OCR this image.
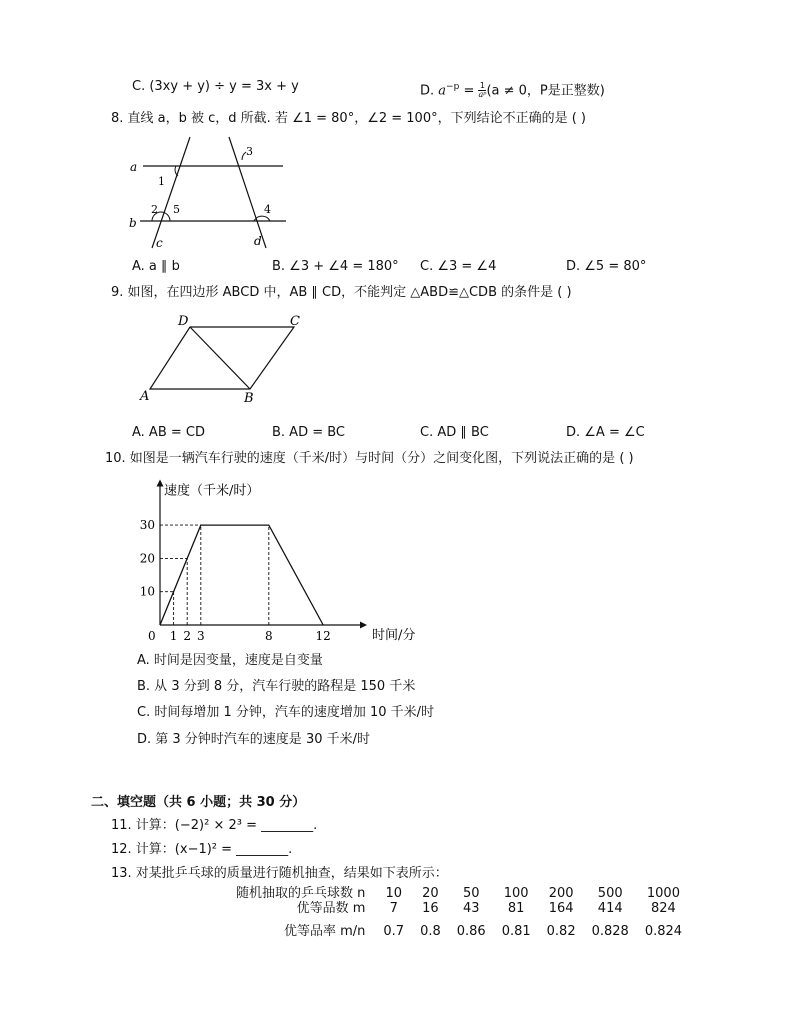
C. (3xy + y) ÷ y = 3x + y	D. $a^{-p} = \frac{1}{\text{aᵖ}} (a \ne 0$，P是正整数)
8. 直线 a，b 被 c，d 所截. 若 ∠1 = 80°，∠2 = 100°，下列结论不正确的是 ( )
a
b
c	d
1
2
3
4
5
A. a ∥ b	B. ∠3 + ∠4 = 180° C. ∠3 = ∠4	D. ∠5 = 80°
9. 如图，在四边形 ABCD 中，AB ∥ CD，不能判定 △ABD≌△CDB 的条件是 ( )
A	B
C
D
A. AB = CD	B. AD = BC	C. AD ∥ BC	D. ∠A = ∠C
10. 如图是一辆汽车行驶的速度（千米/时）与时间（分）之间变化图，下列说法正确的是 ( )
1 2 3	8	12
10
20
30
速度（千米/时）
时间/分
0
A. 时间是因变量，速度是自变量
B. 从 3 分到 8 分，汽车行驶的路程是 150 千米
C. 时间每增加 1 分钟，汽车的速度增加 10 千米/时
D. 第 3 分钟时汽车的速度是 30 千米/时
二、填空题（共 6 小题；共 30 分）
11. 计算：(−2)² × 2³ = ________.
12. 计算：(x−1)² = ________.
13. 对某批乒乓球的质量进行随机抽查，结果如下表所示：
随机抽取的乒乓球数 n	10	20	50	100	200	500	1000
优等品数 m	7	16	43	81	164	414	824
优等品率 m/n	0.7	0.8	0.86	0.81	0.82	0.828	0.824
